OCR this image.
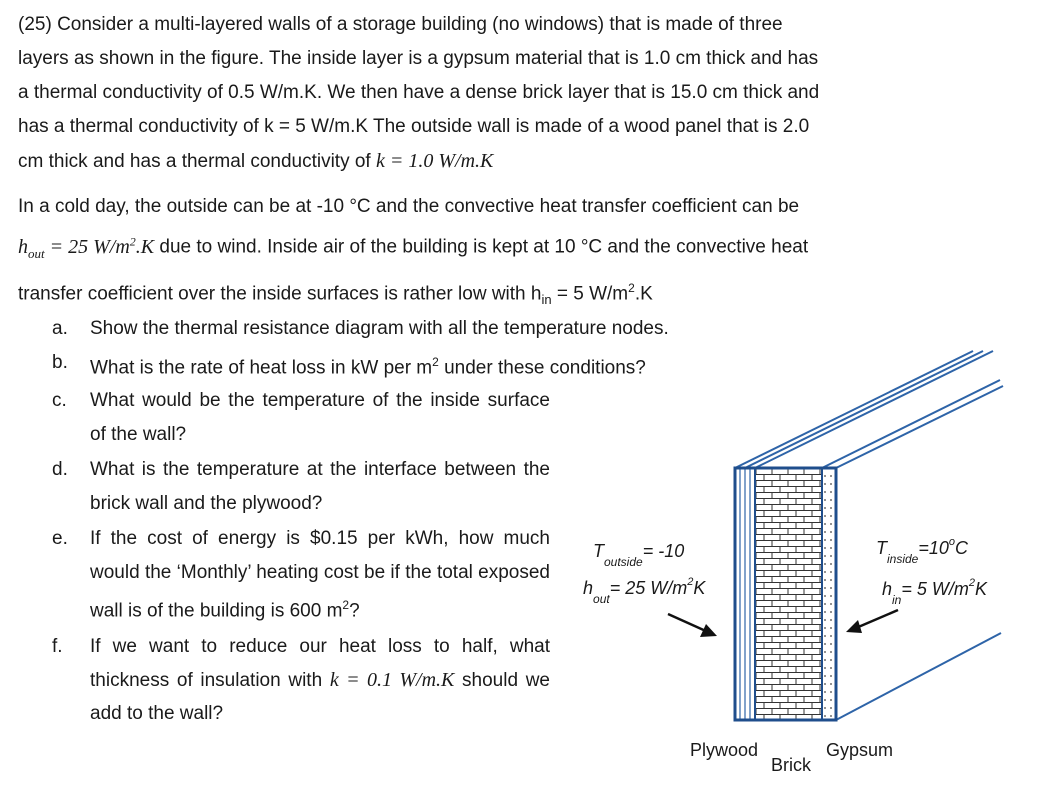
(25) Consider a multi-layered walls of a storage building (no windows) that is made of three

layers as shown in the figure. The inside layer is a gypsum material that is 1.0 cm thick and has

a thermal conductivity of 0.5 W/m.K. We then have a dense brick layer that is 15.0 cm thick and

has a thermal conductivity of k = 5 W/m.K The outside wall is made of a wood panel that is 2.0

cm thick and has a thermal conductivity of k = 1.0 W/m.K

In a cold day, the outside can be at -10 °C and the convective heat transfer coefficient can be

$h_{out} = 25$ $W/m^2.K$ due to wind. Inside air of the building is kept at 10 °C and the convective heat

transfer coefficient over the inside surfaces is rather low with $h_{in} = 5$ $W/m^2.K$

a. Show the thermal resistance diagram with all the temperature nodes.
b. What is the rate of heat loss in kW per $m^2$ under these conditions?
c. What would be the temperature of the inside surface of the wall?
d. What is the temperature at the interface between the brick wall and the plywood?
e. If the cost of energy is $0.15 per kWh, how much would the ‘Monthly’ heating cost be if the total exposed wall is of the building is 600 $m^2$?
f. If we want to reduce our heat loss to half, what thickness of insulation with k = 0.1 W/m.K should we add to the wall?
$T_{outside}= -10$
$h_{out}= 25$ $W/m^2K$
$T_{inside}=10^oC$
$h_{in}= 5$ $W/m^2K$
Plywood
Brick
Gypsum
